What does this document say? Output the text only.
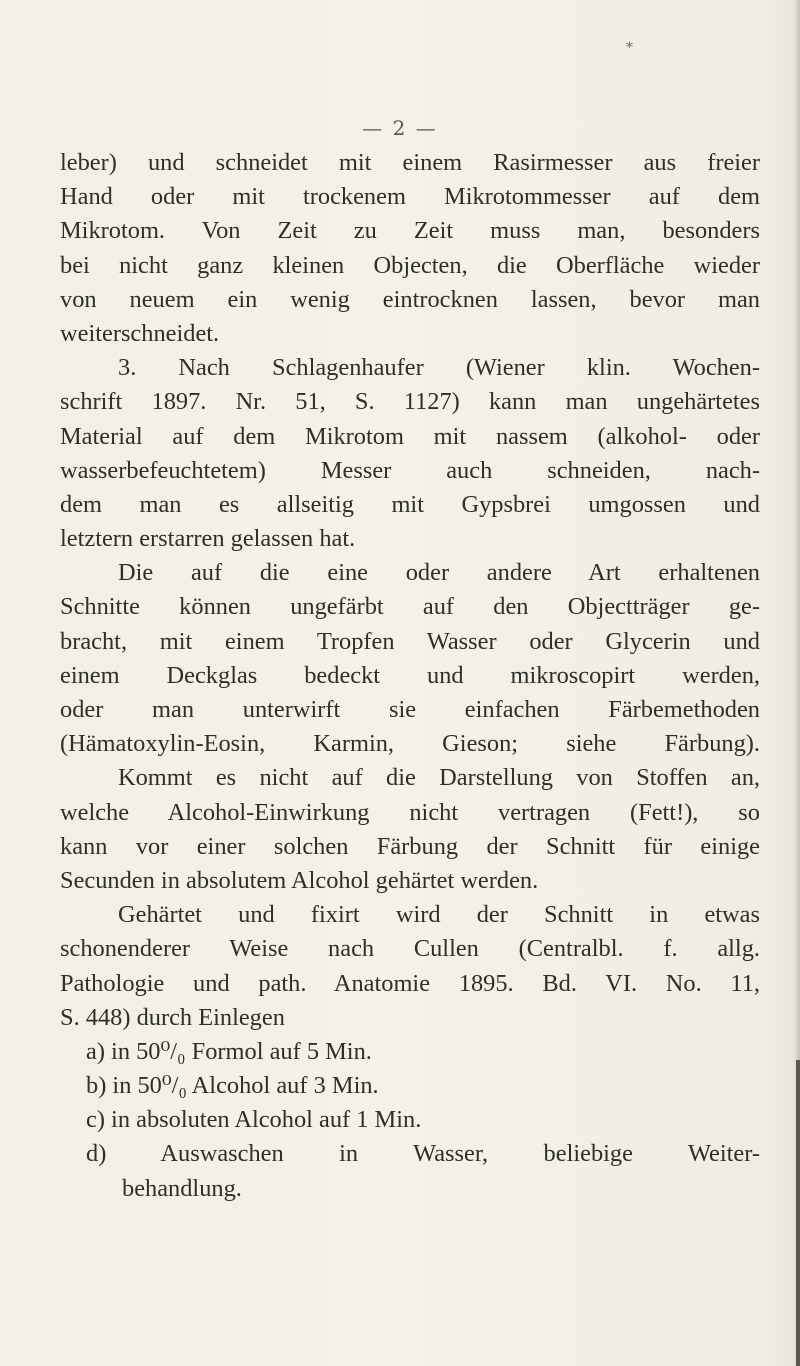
*
— 2 —
leber) und schneidet mit einem Rasirmesser aus freier
Hand oder mit trockenem Mikrotommesser auf dem
Mikrotom. Von Zeit zu Zeit muss man, besonders
bei nicht ganz kleinen Objecten, die Oberfläche wieder
von neuem ein wenig eintrocknen lassen, bevor man
weiterschneidet.
3. Nach Schlagenhaufer (Wiener klin. Wochen-
schrift 1897. Nr. 51, S. 1127) kann man ungehärtetes
Material auf dem Mikrotom mit nassem (alkohol- oder
wasserbefeuchtetem) Messer auch schneiden, nach-
dem man es allseitig mit Gypsbrei umgossen und
letztern erstarren gelassen hat.
Die auf die eine oder andere Art erhaltenen
Schnitte können ungefärbt auf den Objectträger ge-
bracht, mit einem Tropfen Wasser oder Glycerin und
einem Deckglas bedeckt und mikroscopirt werden,
oder man unterwirft sie einfachen Färbemethoden
(Hämatoxylin-Eosin, Karmin, Gieson; siehe Färbung).
Kommt es nicht auf die Darstellung von Stoffen an,
welche Alcohol-Einwirkung nicht vertragen (Fett!), so
kann vor einer solchen Färbung der Schnitt für einige
Secunden in absolutem Alcohol gehärtet werden.
Gehärtet und fixirt wird der Schnitt in etwas
schonenderer Weise nach Cullen (Centralbl. f. allg.
Pathologie und path. Anatomie 1895. Bd. VI. No. 11,
S. 448) durch Einlegen
a) in 50⁰/₀ Formol auf 5 Min.
b) in 50⁰/₀ Alcohol auf 3 Min.
c) in absoluten Alcohol auf 1 Min.
d) Auswaschen in Wasser, beliebige Weiter-
behandlung.
